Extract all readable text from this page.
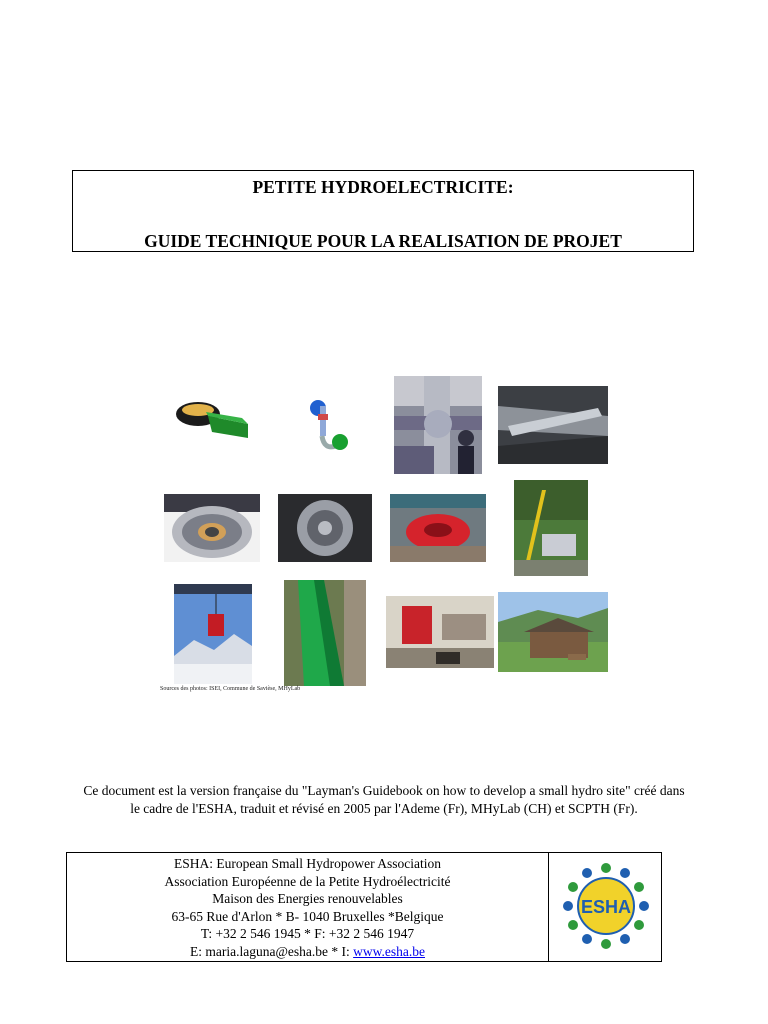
PETITE HYDROELECTRICITE:
GUIDE TECHNIQUE POUR LA REALISATION DE PROJET
Sources des photos: ISEI, Commune de Savièse, MHyLab
Ce document est la version française du "Layman's Guidebook on how to develop a small hydro site" créé dans le cadre de l'ESHA, traduit et révisé en 2005 par l'Ademe (Fr), MHyLab (CH) et SCPTH (Fr).
ESHA: European Small Hydropower Association
Association Européenne de la Petite Hydroélectricité
Maison des Energies renouvelables
63-65 Rue d'Arlon * B- 1040 Bruxelles *Belgique
T: +32 2 546 1945 * F: +32 2 546 1947
E: maria.laguna@esha.be * I: www.esha.be
ESHA
